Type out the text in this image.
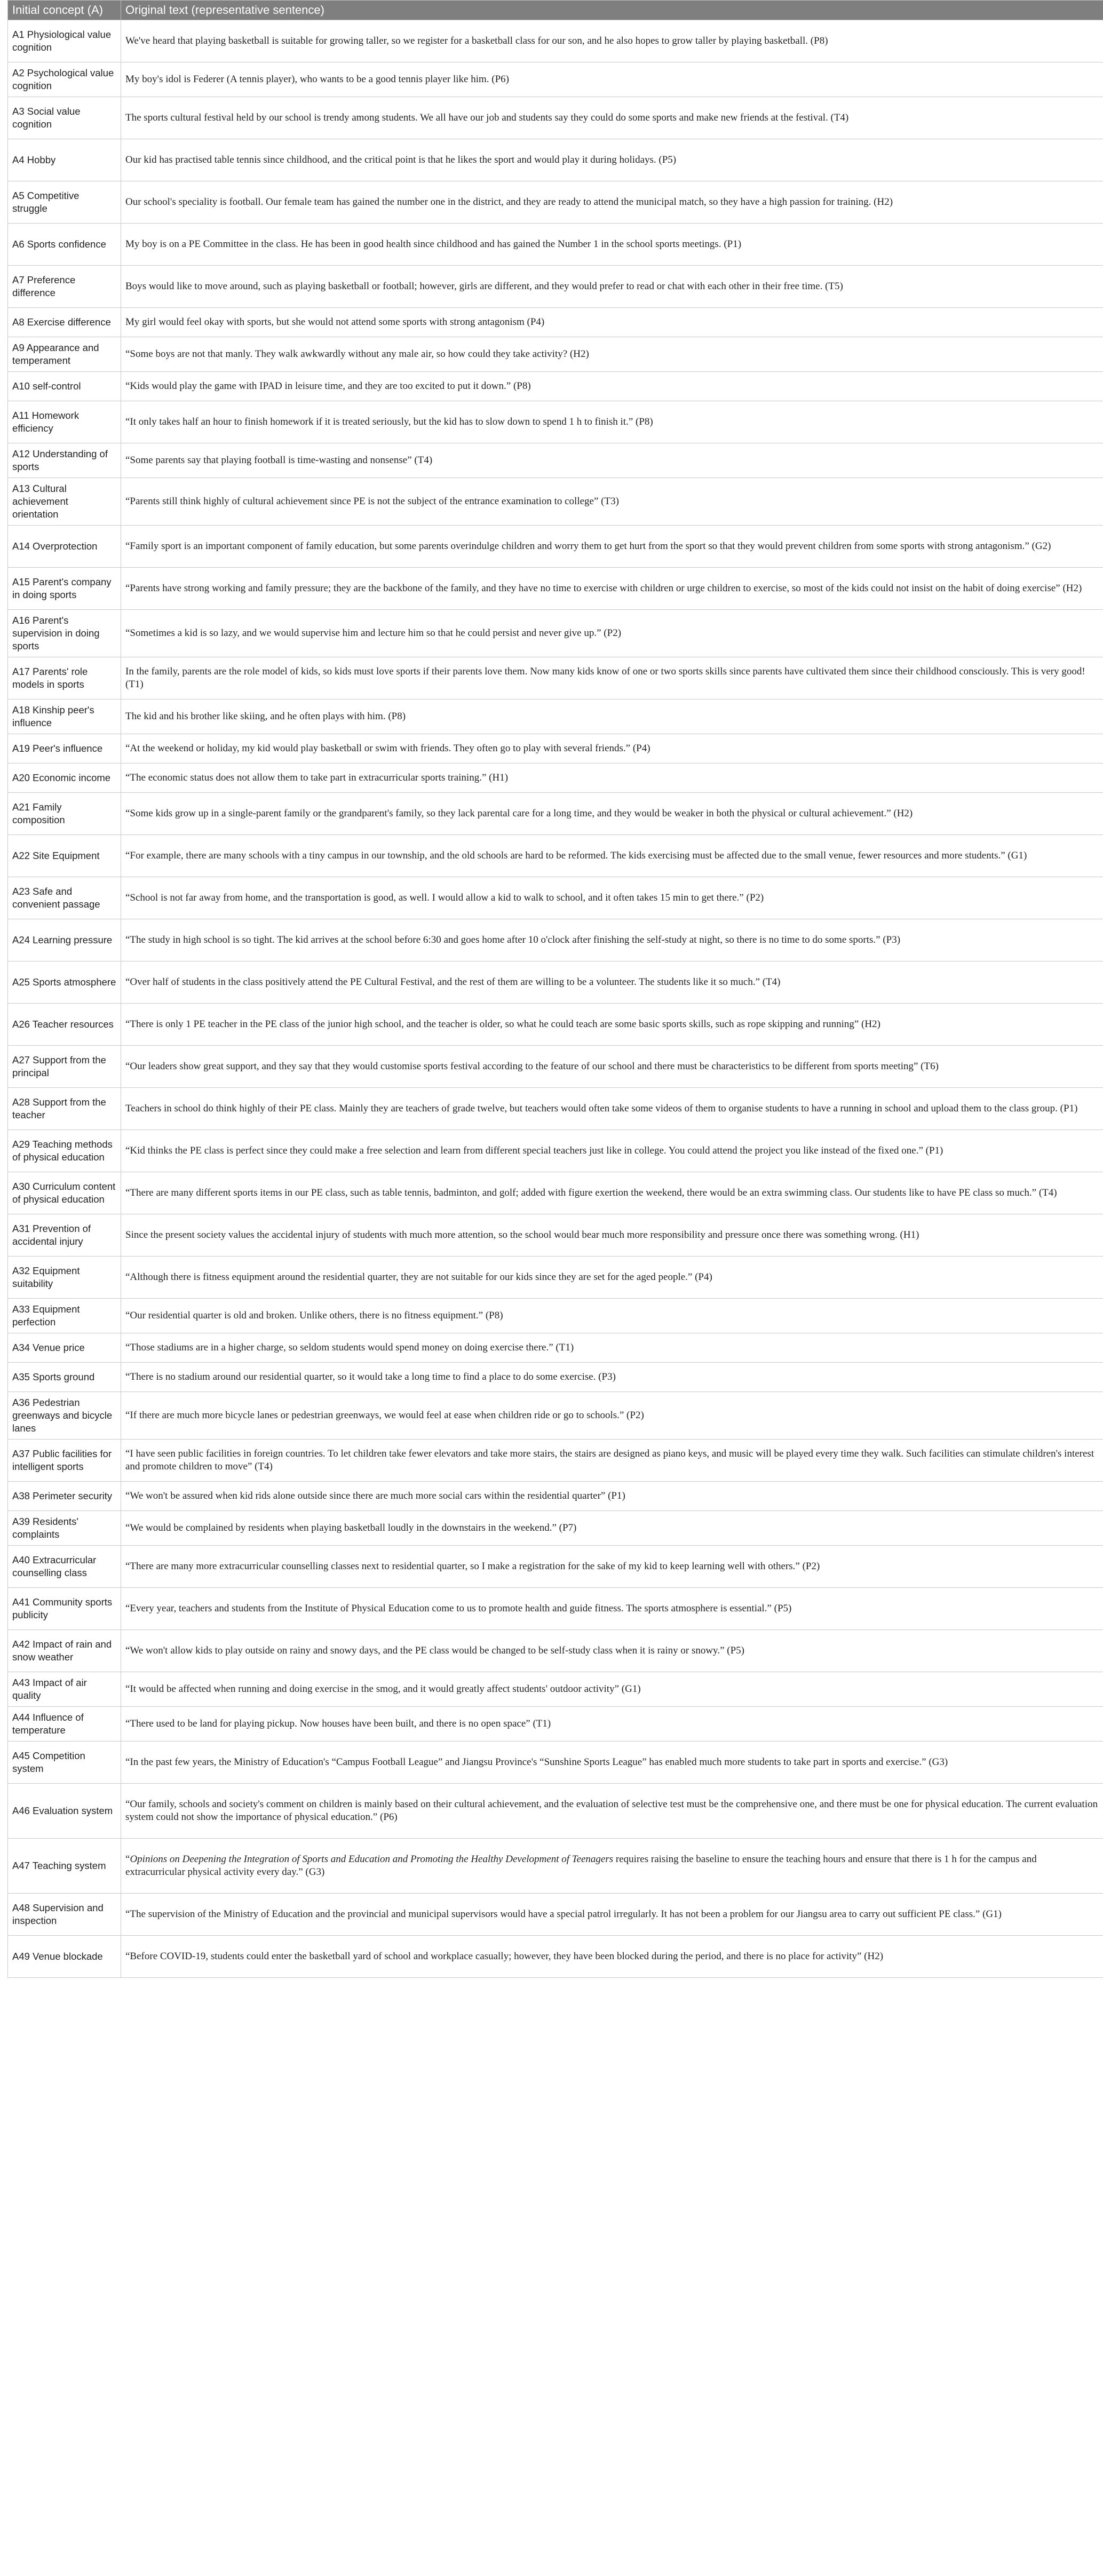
Initial concept (A)	Original text (representative sentence)
A1 Physiological value cognition	We've heard that playing basketball is suitable for growing taller, so we register for a basketball class for our son, and he also hopes to grow taller by playing basketball. (P8)
A2 Psychological value cognition	My boy's idol is Federer (A tennis player), who wants to be a good tennis player like him. (P6)
A3 Social value cognition	The sports cultural festival held by our school is trendy among students. We all have our job and students say they could do some sports and make new friends at the festival. (T4)
A4 Hobby	Our kid has practised table tennis since childhood, and the critical point is that he likes the sport and would play it during holidays. (P5)
A5 Competitive struggle	Our school's speciality is football. Our female team has gained the number one in the district, and they are ready to attend the municipal match, so they have a high passion for training. (H2)
A6 Sports confidence	My boy is on a PE Committee in the class. He has been in good health since childhood and has gained the Number 1 in the school sports meetings. (P1)
A7 Preference difference	Boys would like to move around, such as playing basketball or football; however, girls are different, and they would prefer to read or chat with each other in their free time. (T5)
A8 Exercise difference	My girl would feel okay with sports, but she would not attend some sports with strong antagonism (P4)
A9 Appearance and temperament	“Some boys are not that manly. They walk awkwardly without any male air, so how could they take activity? (H2)
A10 self-control	“Kids would play the game with IPAD in leisure time, and they are too excited to put it down.” (P8)
A11 Homework efficiency	“It only takes half an hour to finish homework if it is treated seriously, but the kid has to slow down to spend 1 h to finish it.” (P8)
A12 Understanding of sports	“Some parents say that playing football is time-wasting and nonsense” (T4)
A13 Cultural achievement orientation	“Parents still think highly of cultural achievement since PE is not the subject of the entrance examination to college” (T3)
A14 Overprotection	“Family sport is an important component of family education, but some parents overindulge children and worry them to get hurt from the sport so that they would prevent children from some sports with strong antagonism.” (G2)
A15 Parent's company in doing sports	“Parents have strong working and family pressure; they are the backbone of the family, and they have no time to exercise with children or urge children to exercise, so most of the kids could not insist on the habit of doing exercise” (H2)
A16 Parent's supervision in doing sports	“Sometimes a kid is so lazy, and we would supervise him and lecture him so that he could persist and never give up.” (P2)
A17 Parents' role models in sports	In the family, parents are the role model of kids, so kids must love sports if their parents love them. Now many kids know of one or two sports skills since parents have cultivated them since their childhood consciously. This is very good! (T1)
A18 Kinship peer's influence	The kid and his brother like skiing, and he often plays with him. (P8)
A19 Peer's influence	“At the weekend or holiday, my kid would play basketball or swim with friends. They often go to play with several friends.” (P4)
A20 Economic income	“The economic status does not allow them to take part in extracurricular sports training.” (H1)
A21 Family composition	“Some kids grow up in a single-parent family or the grandparent's family, so they lack parental care for a long time, and they would be weaker in both the physical or cultural achievement.” (H2)
A22 Site Equipment	“For example, there are many schools with a tiny campus in our township, and the old schools are hard to be reformed. The kids exercising must be affected due to the small venue, fewer resources and more students.” (G1)
A23 Safe and convenient passage	“School is not far away from home, and the transportation is good, as well. I would allow a kid to walk to school, and it often takes 15 min to get there.” (P2)
A24 Learning pressure	“The study in high school is so tight. The kid arrives at the school before 6:30 and goes home after 10 o'clock after finishing the self-study at night, so there is no time to do some sports.” (P3)
A25 Sports atmosphere	“Over half of students in the class positively attend the PE Cultural Festival, and the rest of them are willing to be a volunteer. The students like it so much.” (T4)
A26 Teacher resources	“There is only 1 PE teacher in the PE class of the junior high school, and the teacher is older, so what he could teach are some basic sports skills, such as rope skipping and running” (H2)
A27 Support from the principal	“Our leaders show great support, and they say that they would customise sports festival according to the feature of our school and there must be characteristics to be different from sports meeting” (T6)
A28 Support from the teacher	Teachers in school do think highly of their PE class. Mainly they are teachers of grade twelve, but teachers would often take some videos of them to organise students to have a running in school and upload them to the class group. (P1)
A29 Teaching methods of physical education	“Kid thinks the PE class is perfect since they could make a free selection and learn from different special teachers just like in college. You could attend the project you like instead of the fixed one.” (P1)
A30 Curriculum content of physical education	“There are many different sports items in our PE class, such as table tennis, badminton, and golf; added with figure exertion the weekend, there would be an extra swimming class. Our students like to have PE class so much.” (T4)
A31 Prevention of accidental injury	Since the present society values the accidental injury of students with much more attention, so the school would bear much more responsibility and pressure once there was something wrong. (H1)
A32 Equipment suitability	“Although there is fitness equipment around the residential quarter, they are not suitable for our kids since they are set for the aged people.” (P4)
A33 Equipment perfection	“Our residential quarter is old and broken. Unlike others, there is no fitness equipment.” (P8)
A34 Venue price	“Those stadiums are in a higher charge, so seldom students would spend money on doing exercise there.” (T1)
A35 Sports ground	“There is no stadium around our residential quarter, so it would take a long time to find a place to do some exercise. (P3)
A36 Pedestrian greenways and bicycle lanes	“If there are much more bicycle lanes or pedestrian greenways, we would feel at ease when children ride or go to schools.” (P2)
A37 Public facilities for intelligent sports	“I have seen public facilities in foreign countries. To let children take fewer elevators and take more stairs, the stairs are designed as piano keys, and music will be played every time they walk. Such facilities can stimulate children's interest and promote children to move” (T4)
A38 Perimeter security	“We won't be assured when kid rids alone outside since there are much more social cars within the residential quarter” (P1)
A39 Residents' complaints	“We would be complained by residents when playing basketball loudly in the downstairs in the weekend.” (P7)
A40 Extracurricular counselling class	“There are many more extracurricular counselling classes next to residential quarter, so I make a registration for the sake of my kid to keep learning well with others.” (P2)
A41 Community sports publicity	“Every year, teachers and students from the Institute of Physical Education come to us to promote health and guide fitness. The sports atmosphere is essential.” (P5)
A42 Impact of rain and snow weather	“We won't allow kids to play outside on rainy and snowy days, and the PE class would be changed to be self-study class when it is rainy or snowy.” (P5)
A43 Impact of air quality	“It would be affected when running and doing exercise in the smog, and it would greatly affect students' outdoor activity” (G1)
A44 Influence of temperature	“There used to be land for playing pickup. Now houses have been built, and there is no open space” (T1)
A45 Competition system	“In the past few years, the Ministry of Education's “Campus Football League” and Jiangsu Province's “Sunshine Sports League” has enabled much more students to take part in sports and exercise.” (G3)
A46 Evaluation system	“Our family, schools and society's comment on children is mainly based on their cultural achievement, and the evaluation of selective test must be the comprehensive one, and there must be one for physical education. The current evaluation system could not show the importance of physical education.” (P6)
A47 Teaching system	“Opinions on Deepening the Integration of Sports and Education and Promoting the Healthy Development of Teenagers requires raising the baseline to ensure the teaching hours and ensure that there is 1 h for the campus and extracurricular physical activity every day.” (G3)
A48 Supervision and inspection	“The supervision of the Ministry of Education and the provincial and municipal supervisors would have a special patrol irregularly. It has not been a problem for our Jiangsu area to carry out sufficient PE class.” (G1)
A49 Venue blockade	“Before COVID-19, students could enter the basketball yard of school and workplace casually; however, they have been blocked during the period, and there is no place for activity” (H2)
